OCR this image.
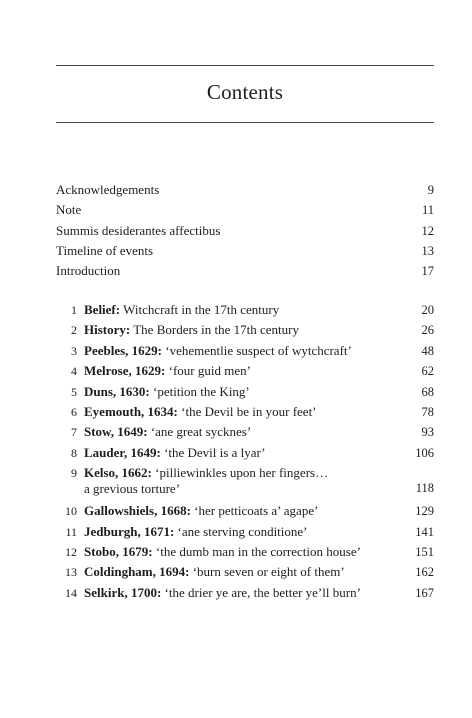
Contents
Acknowledgements	9
Note	11
Summis desiderantes affectibus	12
Timeline of events	13
Introduction	17
1 Belief: Witchcraft in the 17th century	20
2 History: The Borders in the 17th century	26
3 Peebles, 1629: ‘vehementlie suspect of wytchcraft’	48
4 Melrose, 1629: ‘four guid men’	62
5 Duns, 1630: ‘petition the King’	68
6 Eyemouth, 1634: ‘the Devil be in your feet’	78
7 Stow, 1649: ‘ane great sycknes’	93
8 Lauder, 1649: ‘the Devil is a lyar’	106
9 Kelso, 1662: ‘pilliewinkles upon her fingers…
a grevious torture’	118
10 Gallowshiels, 1668: ‘her petticoats a’ agape’	129
11 Jedburgh, 1671: ‘ane sterving conditione’	141
12 Stobo, 1679: ‘the dumb man in the correction house’	151
13 Coldingham, 1694: ‘burn seven or eight of them’	162
14 Selkirk, 1700: ‘the drier ye are, the better ye’ll burn’	167
